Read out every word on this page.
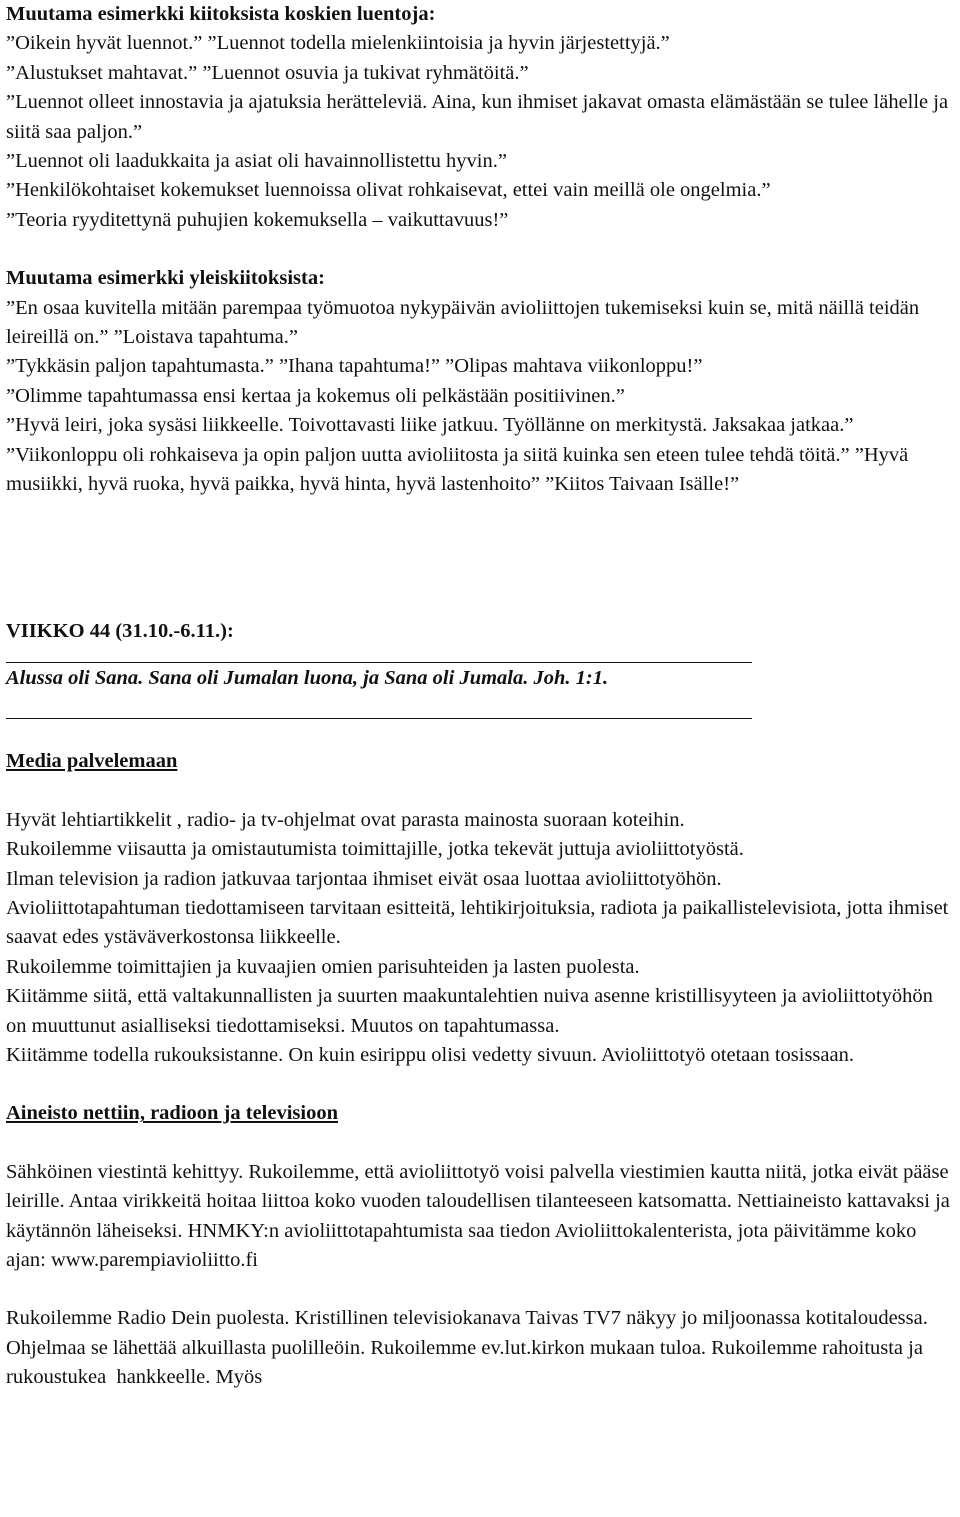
Muutama esimerkki kiitoksista koskien luentoja:

”Oikein hyvät luennot.” ”Luennot todella mielenkiintoisia ja hyvin järjestettyjä.”

”Alustukset mahtavat.” ”Luennot osuvia ja tukivat ryhmätöitä.”

”Luennot olleet innostavia ja ajatuksia herätteleviä. Aina, kun ihmiset jakavat omasta elämästään se tulee lähelle ja siitä saa paljon.”

”Luennot oli laadukkaita ja asiat oli havainnollistettu hyvin.”

”Henkilökohtaiset kokemukset luennoissa olivat rohkaisevat, ettei vain meillä ole ongelmia.”

”Teoria ryyditettynä puhujien kokemuksella – vaikuttavuus!”

Muutama esimerkki yleiskiitoksista:

”En osaa kuvitella mitään parempaa työmuotoa nykypäivän avioliittojen tukemiseksi kuin se, mitä näillä teidän leireillä on.” ”Loistava tapahtuma.”

”Tykkäsin paljon tapahtumasta.” ”Ihana tapahtuma!” ”Olipas mahtava viikonloppu!”

”Olimme tapahtumassa ensi kertaa ja kokemus oli pelkästään positiivinen.”

”Hyvä leiri, joka sysäsi liikkeelle. Toivottavasti liike jatkuu. Työllänne on merkitystä. Jaksakaa jatkaa.” ”Viikonloppu oli rohkaiseva ja opin paljon uutta avioliitosta ja siitä kuinka sen eteen tulee tehdä töitä.” ”Hyvä musiikki, hyvä ruoka, hyvä paikka, hyvä hinta, hyvä lastenhoito” ”Kiitos Taivaan Isälle!”

VIIKKO 44 (31.10.-6.11.):

Alussa oli Sana. Sana oli Jumalan luona, ja Sana oli Jumala. Joh. 1:1.

Media palvelemaan

Hyvät lehtiartikkelit , radio- ja tv-ohjelmat ovat parasta mainosta suoraan koteihin.

Rukoilemme viisautta ja omistautumista toimittajille, jotka tekevät juttuja avioliittotyöstä.

Ilman television ja radion jatkuvaa tarjontaa ihmiset eivät osaa luottaa avioliittotyöhön.

Avioliittotapahtuman tiedottamiseen tarvitaan esitteitä, lehtikirjoituksia, radiota ja paikallistelevisiota, jotta ihmiset saavat edes ystäväverkostonsa liikkeelle.

Rukoilemme toimittajien ja kuvaajien omien parisuhteiden ja lasten puolesta.

Kiitämme siitä, että valtakunnallisten ja suurten maakuntalehtien nuiva asenne kristillisyyteen ja avioliittotyöhön on muuttunut asialliseksi tiedottamiseksi. Muutos on tapahtumassa.

Kiitämme todella rukouksistanne. On kuin esirippu olisi vedetty sivuun. Avioliittotyö otetaan tosissaan.

Aineisto nettiin, radioon ja televisioon

Sähköinen viestintä kehittyy. Rukoilemme, että avioliittotyö voisi palvella viestimien kautta niitä, jotka eivät pääse leirille. Antaa virikkeitä hoitaa liittoa koko vuoden taloudellisen tilanteeseen katsomatta. Nettiaineisto kattavaksi ja käytännön läheiseksi. HNMKY:n avioliittotapahtumista saa tiedon Avioliittokalenterista, jota päivitämme koko ajan: www.parempiavioliitto.fi

Rukoilemme Radio Dein puolesta. Kristillinen televisiokanava Taivas TV7 näkyy jo miljoonassa kotitaloudessa. Ohjelmaa se lähettää alkuillasta puolilleöin. Rukoilemme ev.lut.kirkon mukaan tuloa. Rukoilemme rahoitusta ja rukoustukea  hankkeelle. Myös
